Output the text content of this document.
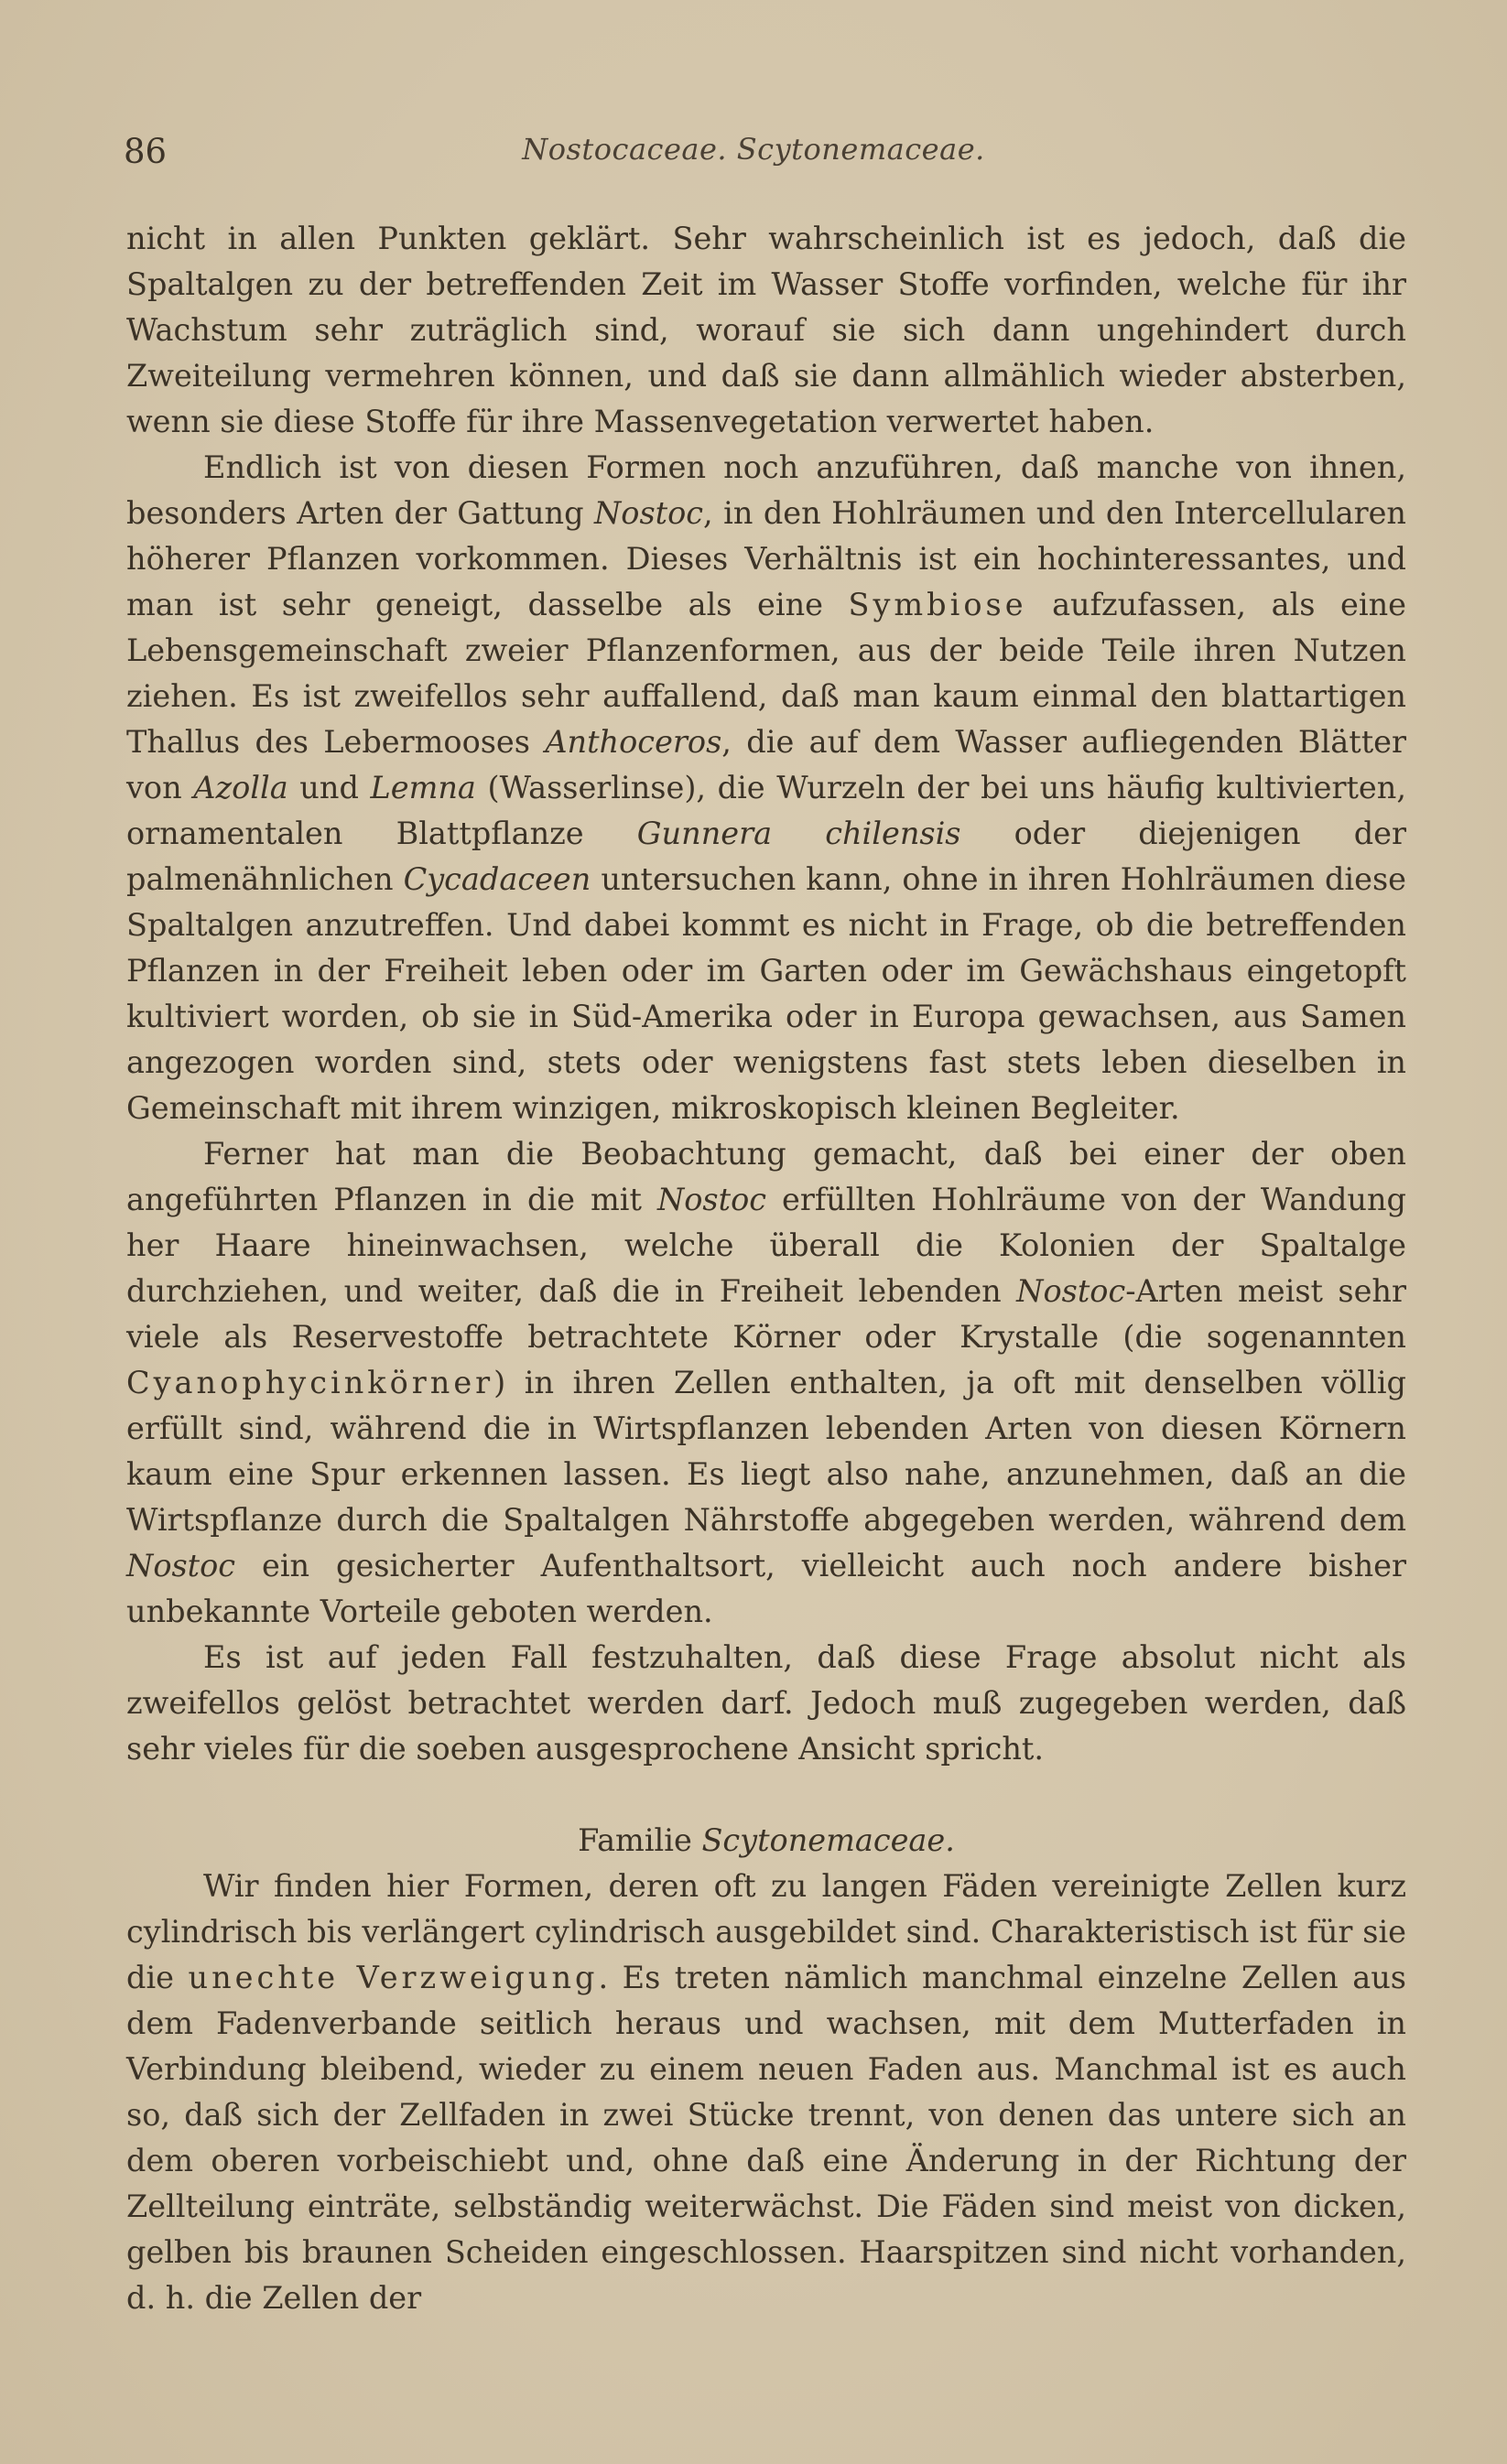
86	Nostocaceae. Scytonemaceae.

nicht in allen Punkten geklärt. Sehr wahrscheinlich ist es jedoch, daß die Spaltalgen zu der betreffenden Zeit im Wasser Stoffe vorfinden, welche für ihr Wachstum sehr zuträglich sind, worauf sie sich dann ungehindert durch Zweiteilung vermehren können, und daß sie dann allmählich wieder absterben, wenn sie diese Stoffe für ihre Massenvegetation verwertet haben.

Endlich ist von diesen Formen noch anzuführen, daß manche von ihnen, besonders Arten der Gattung Nostoc, in den Hohlräumen und den Intercellularen höherer Pflanzen vorkommen. Dieses Verhältnis ist ein hochinteressantes, und man ist sehr geneigt, dasselbe als eine Symbiose aufzufassen, als eine Lebensgemeinschaft zweier Pflanzenformen, aus der beide Teile ihren Nutzen ziehen. Es ist zweifellos sehr auffallend, daß man kaum einmal den blattartigen Thallus des Lebermooses Anthoceros, die auf dem Wasser aufliegenden Blätter von Azolla und Lemna (Wasserlinse), die Wurzeln der bei uns häufig kultivierten, ornamentalen Blattpflanze Gunnera chilensis oder diejenigen der palmenähnlichen Cycadaceen untersuchen kann, ohne in ihren Hohlräumen diese Spaltalgen anzutreffen. Und dabei kommt es nicht in Frage, ob die betreffenden Pflanzen in der Freiheit leben oder im Garten oder im Gewächshaus eingetopft kultiviert worden, ob sie in Süd-Amerika oder in Europa gewachsen, aus Samen angezogen worden sind, stets oder wenigstens fast stets leben dieselben in Gemeinschaft mit ihrem winzigen, mikroskopisch kleinen Begleiter.

Ferner hat man die Beobachtung gemacht, daß bei einer der oben angeführten Pflanzen in die mit Nostoc erfüllten Hohlräume von der Wandung her Haare hineinwachsen, welche überall die Kolonien der Spaltalge durchziehen, und weiter, daß die in Freiheit lebenden Nostoc-Arten meist sehr viele als Reservestoffe betrachtete Körner oder Krystalle (die sogenannten Cyanophycinkörner) in ihren Zellen enthalten, ja oft mit denselben völlig erfüllt sind, während die in Wirtspflanzen lebenden Arten von diesen Körnern kaum eine Spur erkennen lassen. Es liegt also nahe, anzunehmen, daß an die Wirtspflanze durch die Spaltalgen Nährstoffe abgegeben werden, während dem Nostoc ein gesicherter Aufenthaltsort, vielleicht auch noch andere bisher unbekannte Vorteile geboten werden.

Es ist auf jeden Fall festzuhalten, daß diese Frage absolut nicht als zweifellos gelöst betrachtet werden darf. Jedoch muß zugegeben werden, daß sehr vieles für die soeben ausgesprochene Ansicht spricht.

Familie Scytonemaceae.

Wir finden hier Formen, deren oft zu langen Fäden vereinigte Zellen kurz cylindrisch bis verlängert cylindrisch ausgebildet sind. Charakteristisch ist für sie die unechte Verzweigung. Es treten nämlich manchmal einzelne Zellen aus dem Fadenverbande seitlich heraus und wachsen, mit dem Mutterfaden in Verbindung bleibend, wieder zu einem neuen Faden aus. Manchmal ist es auch so, daß sich der Zellfaden in zwei Stücke trennt, von denen das untere sich an dem oberen vorbeischiebt und, ohne daß eine Änderung in der Richtung der Zellteilung einträte, selbständig weiterwächst. Die Fäden sind meist von dicken, gelben bis braunen Scheiden eingeschlossen. Haarspitzen sind nicht vorhanden, d. h. die Zellen der
